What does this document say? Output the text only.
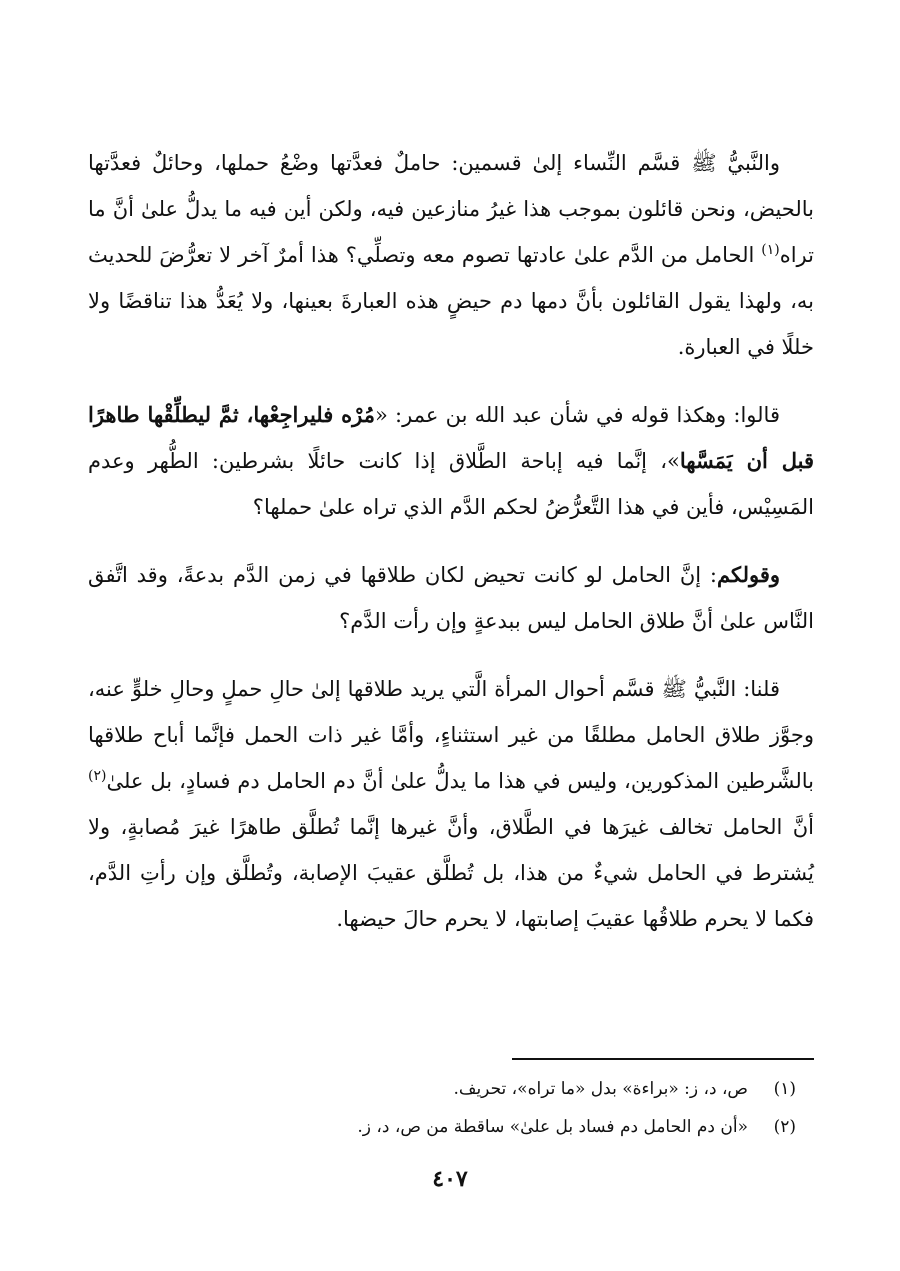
والنَّبيُّ ﷺ قسَّم النِّساء إلىٰ قسمين: حاملٌ فعدَّتها وضْعُ حملها، وحائلٌ فعدَّتها بالحيض، ونحن قائلون بموجب هذا غيرُ منازعين فيه، ولكن أين فيه ما يدلُّ علىٰ أنَّ ما تراه$^{(١)}$ الحامل من الدَّم علىٰ عادتها تصوم معه وتصلِّي؟ هذا أمرٌ آخر لا تعرُّضَ للحديث به، ولهذا يقول القائلون بأنَّ دمها دم حيضٍ هذه العبارةَ بعينها، ولا يُعَدُّ هذا تناقضًا ولا خللًا في العبارة.

قالوا: وهكذا قوله في شأن عبد الله بن عمر: «مُرْه فليراجِعْها، ثمَّ ليطلِّقْها طاهرًا قبل أن يَمَسَّها»، إنَّما فيه إباحة الطَّلاق إذا كانت حائلًا بشرطين: الطُّهر وعدم المَسِيْس، فأين في هذا التَّعرُّضُ لحكم الدَّم الذي تراه علىٰ حملها؟

وقولكم: إنَّ الحامل لو كانت تحيض لكان طلاقها في زمن الدَّم بدعةً، وقد اتَّفق النَّاس علىٰ أنَّ طلاق الحامل ليس ببدعةٍ وإن رأت الدَّم؟

قلنا: النَّبيُّ ﷺ قسَّم أحوال المرأة الَّتي يريد طلاقها إلىٰ حالِ حملٍ وحالِ خلوٍّ عنه، وجوَّز طلاق الحامل مطلقًا من غير استثناءٍ، وأمَّا غير ذات الحمل فإنَّما أباح طلاقها بالشَّرطين المذكورين، وليس في هذا ما يدلُّ علىٰ أنَّ دم الحامل دم فسادٍ، بل علىٰ$^{(٢)}$ أنَّ الحامل تخالف غيرَها في الطَّلاق، وأنَّ غيرها إنَّما تُطلَّق طاهرًا غيرَ مُصابةٍ، ولا يُشترط في الحامل شيءٌ من هذا، بل تُطلَّق عقيبَ الإصابة، وتُطلَّق وإن رأتِ الدَّم، فكما لا يحرم طلاقُها عقيبَ إصابتها، لا يحرم حالَ حيضها.

(١)
ص، د، ز: «براءة» بدل «ما تراه»، تحريف.
(٢)
«أن دم الحامل دم فساد بل علىٰ» ساقطة من ص، د، ز.
٤٠٧
